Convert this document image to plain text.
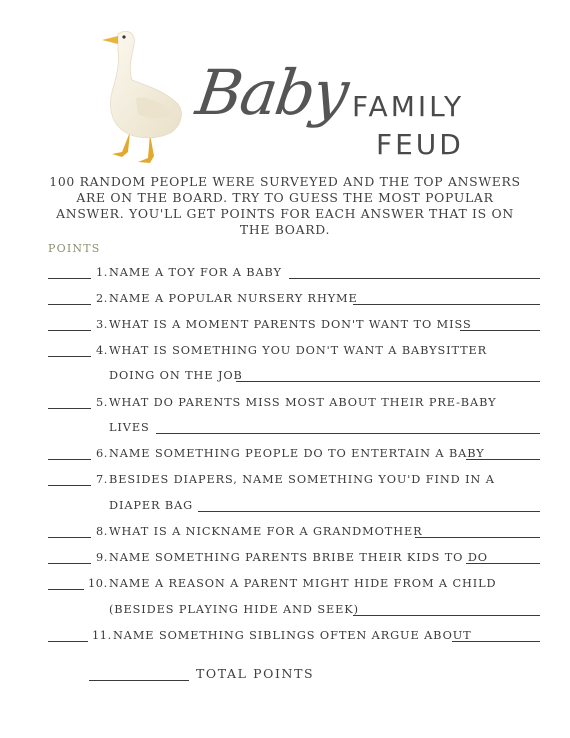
Baby FAMILY
FEUD
100 RANDOM PEOPLE WERE SURVEYED AND THE TOP ANSWERS ARE ON THE BOARD. TRY TO GUESS THE MOST POPULAR ANSWER. YOU'LL GET POINTS FOR EACH ANSWER THAT IS ON THE BOARD.
POINTS
1. NAME A TOY FOR A BABY
2. NAME A POPULAR NURSERY RHYME
3. WHAT IS A MOMENT PARENTS DON'T WANT TO MISS
4. WHAT IS SOMETHING YOU DON'T WANT A BABYSITTER
DOING ON THE JOB
5. WHAT DO PARENTS MISS MOST ABOUT THEIR PRE-BABY
LIVES
6. NAME SOMETHING PEOPLE DO TO ENTERTAIN A BABY
7. BESIDES DIAPERS, NAME SOMETHING YOU'D FIND IN A
DIAPER BAG
8. WHAT IS A NICKNAME FOR A GRANDMOTHER
9. NAME SOMETHING PARENTS BRIBE THEIR KIDS TO DO
10. NAME A REASON A PARENT MIGHT HIDE FROM A CHILD
(BESIDES PLAYING HIDE AND SEEK)
11. NAME SOMETHING SIBLINGS OFTEN ARGUE ABOUT
TOTAL POINTS
